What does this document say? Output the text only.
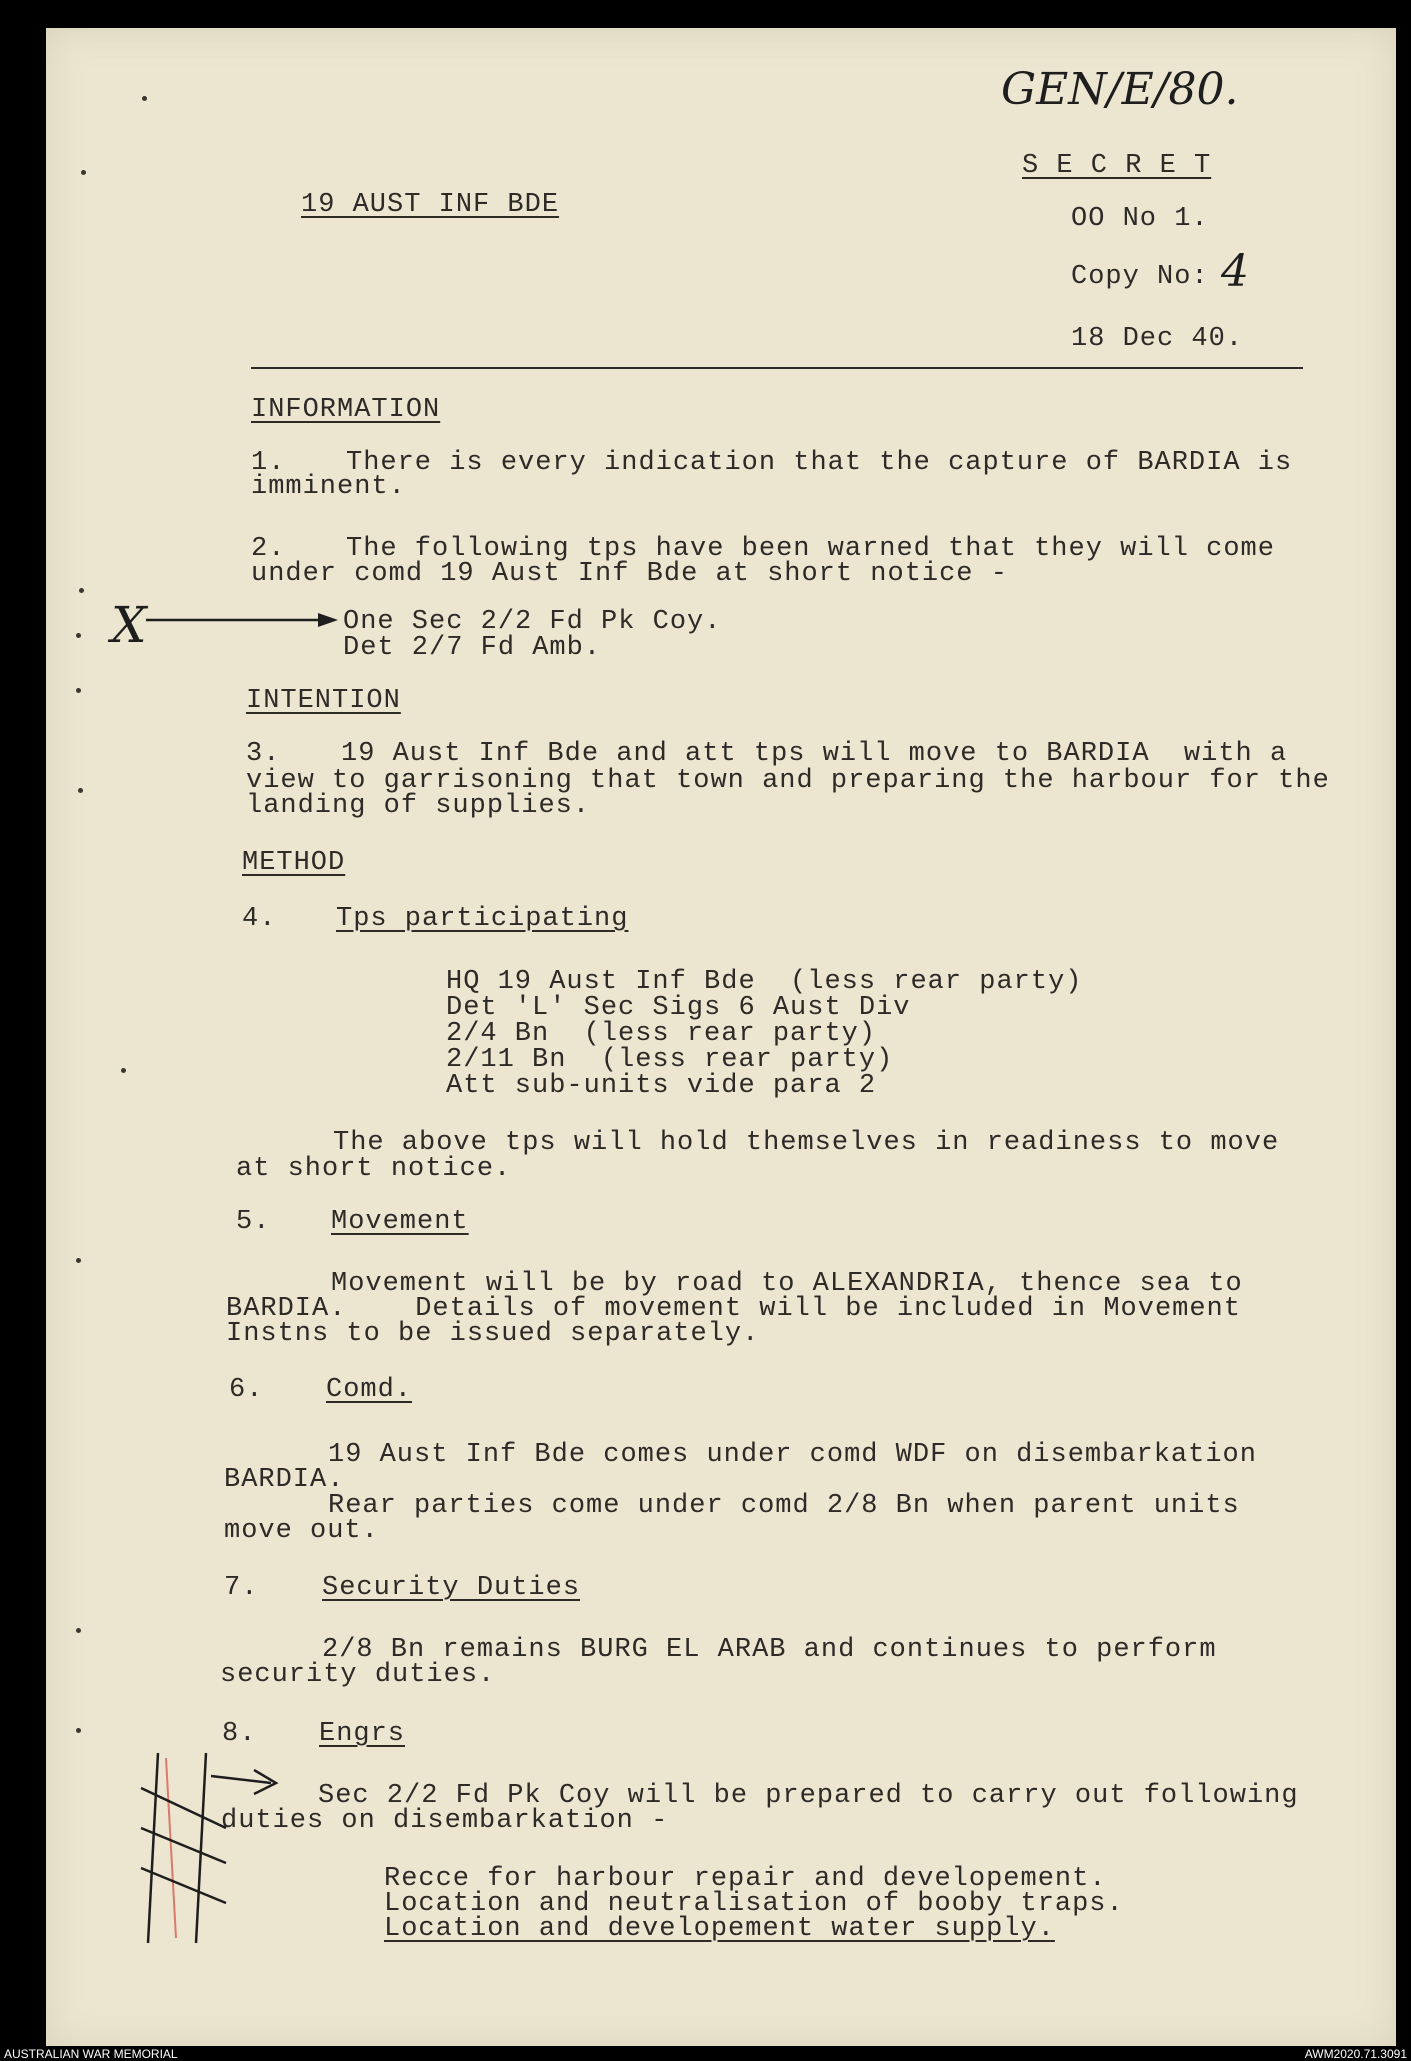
GEN/E/80.
19 AUST INF BDE
S E C R E T
OO No 1.
Copy No: 4
18 Dec 40.
INFORMATION
1. There is every indication that the capture of BARDIA is
imminent.
2. The following tps have been warned that they will come
under comd 19 Aust Inf Bde at short notice -
X	One Sec 2/2 Fd Pk Coy.
Det 2/7 Fd Amb.
INTENTION
3. 19 Aust Inf Bde and att tps will move to BARDIA  with a
view to garrisoning that town and preparing the harbour for the
landing of supplies.
METHOD
4. Tps participating
HQ 19 Aust Inf Bde  (less rear party)
Det 'L' Sec Sigs 6 Aust Div
2/4 Bn  (less rear party)
2/11 Bn  (less rear party)
Att sub-units vide para 2
The above tps will hold themselves in readiness to move
at short notice.
5. Movement
Movement will be by road to ALEXANDRIA, thence sea to
BARDIA.    Details of movement will be included in Movement
Instns to be issued separately.
6. Comd.
19 Aust Inf Bde comes under comd WDF on disembarkation
BARDIA.
Rear parties come under comd 2/8 Bn when parent units
move out.
7. Security Duties
2/8 Bn remains BURG EL ARAB and continues to perform
security duties.
8. Engrs
Sec 2/2 Fd Pk Coy will be prepared to carry out following
duties on disembarkation -
Recce for harbour repair and developement.
Location and neutralisation of booby traps.
Location and developement water supply.
AUSTRALIAN WAR MEMORIAL	AWM2020.71.3091
